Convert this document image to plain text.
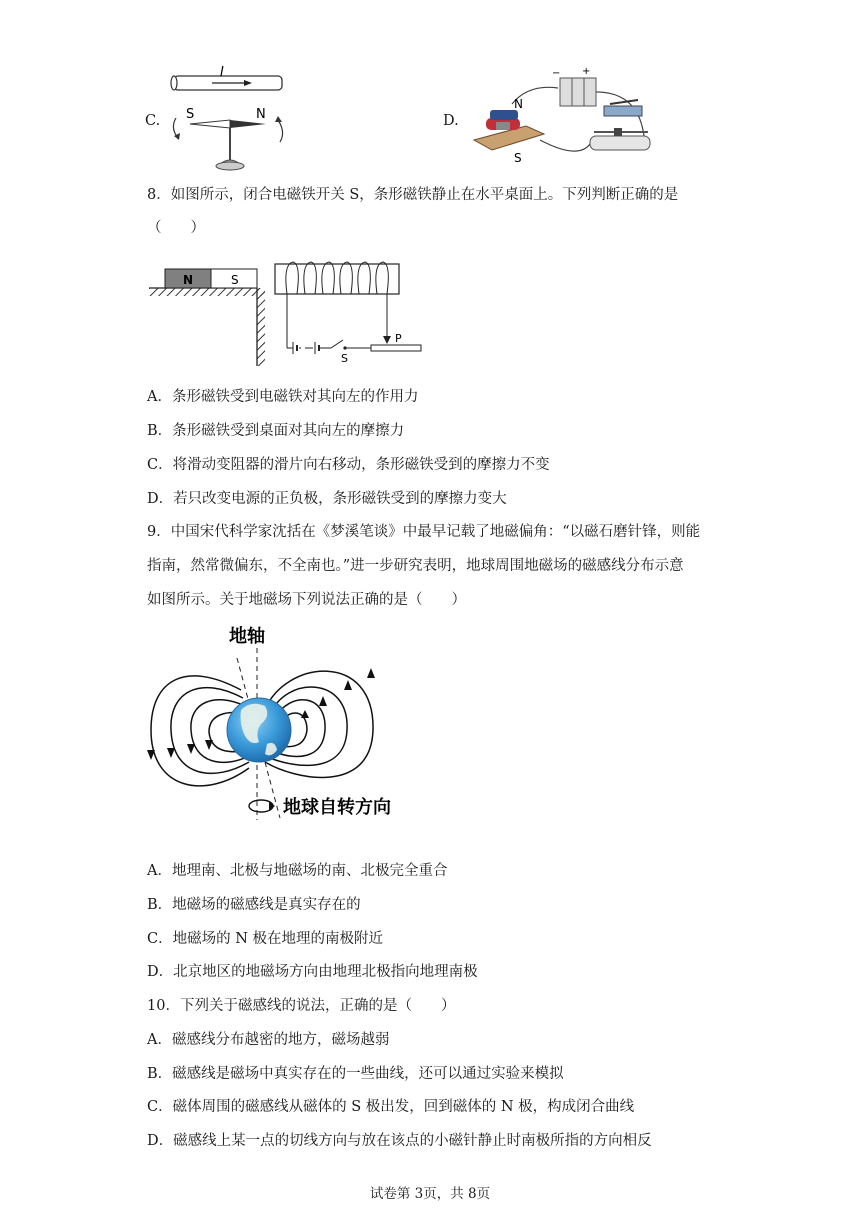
C.
I
S	N	D.
N
S
− +
8．如图所示，闭合电磁铁开关 S，条形磁铁静止在水平桌面上。下列判断正确的是
（　　）
N	S
S
P
A．条形磁铁受到电磁铁对其向左的作用力
B．条形磁铁受到桌面对其向左的摩擦力
C．将滑动变阻器的滑片向右移动，条形磁铁受到的摩擦力不变
D．若只改变电源的正负极，条形磁铁受到的摩擦力变大
9．中国宋代科学家沈括在《梦溪笔谈》中最早记载了地磁偏角：“以磁石磨针锋，则能
指南，然常微偏东，不全南也。”进一步研究表明，地球周围地磁场的磁感线分布示意
如图所示。关于地磁场下列说法正确的是（　　）
地轴
地球自转方向
A．地理南、北极与地磁场的南、北极完全重合
B．地磁场的磁感线是真实存在的
C．地磁场的 N 极在地理的南极附近
D．北京地区的地磁场方向由地理北极指向地理南极
10．下列关于磁感线的说法，正确的是（　　）
A．磁感线分布越密的地方，磁场越弱
B．磁感线是磁场中真实存在的一些曲线，还可以通过实验来模拟
C．磁体周围的磁感线从磁体的 S 极出发，回到磁体的 N 极，构成闭合曲线
D．磁感线上某一点的切线方向与放在该点的小磁针静止时南极所指的方向相反
试卷第 3页，共 8页
